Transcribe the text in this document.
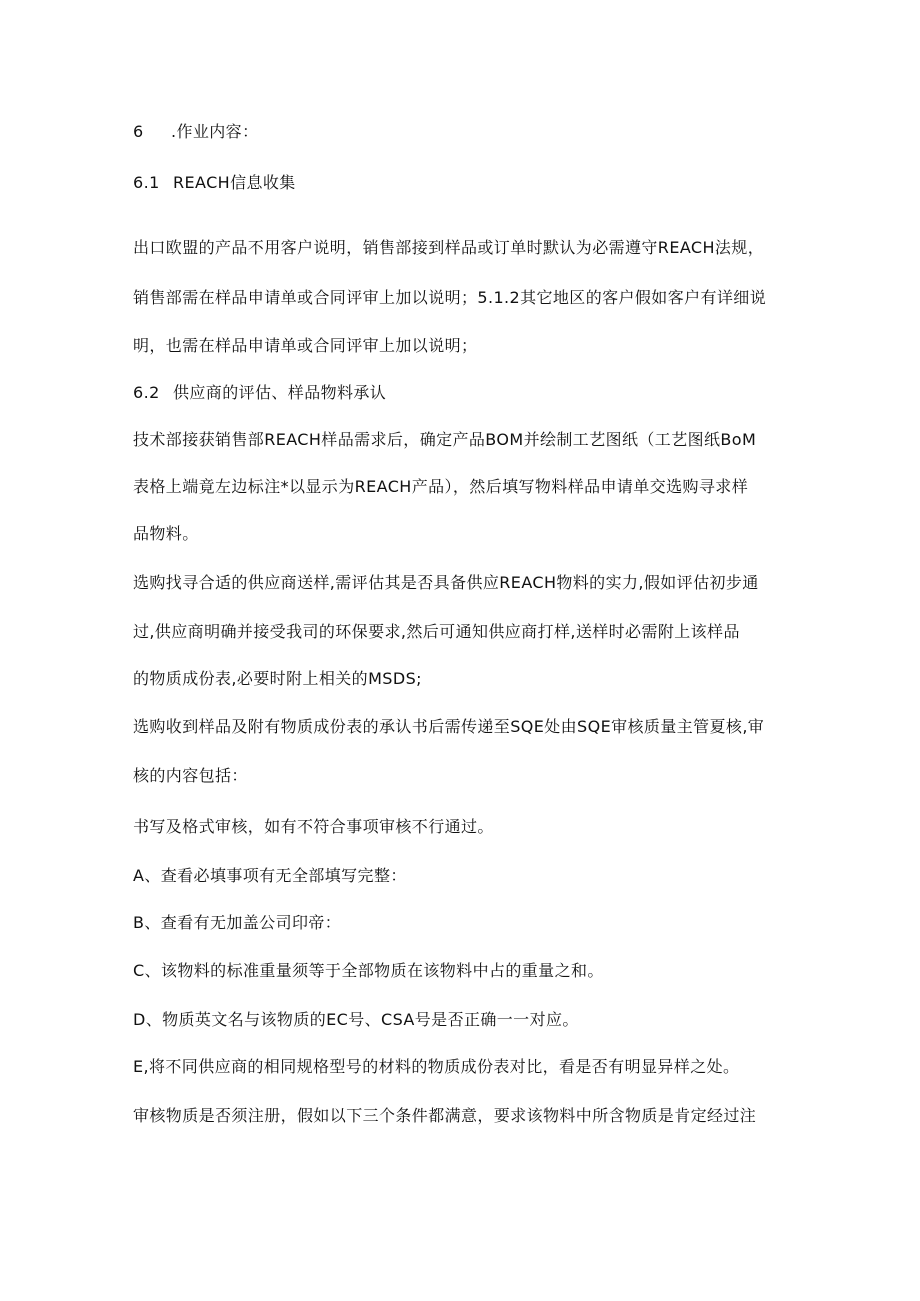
6 .作业内容：
6.1 REACH信息收集
出口欧盟的产品不用客户说明，销售部接到样品或订单时默认为必需遵守REACH法规，
销售部需在样品申请单或合同评审上加以说明；5.1.2其它地区的客户假如客户有详细说
明，也需在样品申请单或合同评审上加以说明；
6.2 供应商的评估、样品物料承认
技术部接获销售部REACH样品需求后，确定产品BOM并绘制工艺图纸（工艺图纸BoM
表格上端竟左边标注*以显示为REACH产品），然后填写物料样品申请单交选购寻求样
品物料。
选购找寻合适的供应商送样,需评估其是否具备供应REACH物料的实力,假如评估初步通
过,供应商明确并接受我司的环保要求,然后可通知供应商打样,送样时必需附上该样品
的物质成份表,必要时附上相关的MSDS;
选购收到样品及附有物质成份表的承认书后需传递至SQE处由SQE审核质量主管夏核,审
核的内容包括：
书写及格式审核，如有不符合事项审核不行通过。
A、查看必填事项有无全部填写完整：
B、查看有无加盖公司印帝：
C、该物料的标准重量须等于全部物质在该物料中占的重量之和。
D、物质英文名与该物质的EC号、CSA号是否正确一一对应。
E,将不同供应商的相同规格型号的材料的物质成份表对比，看是否有明显异样之处。
审核物质是否须注册，假如以下三个条件都满意，要求该物料中所含物质是肯定经过注
